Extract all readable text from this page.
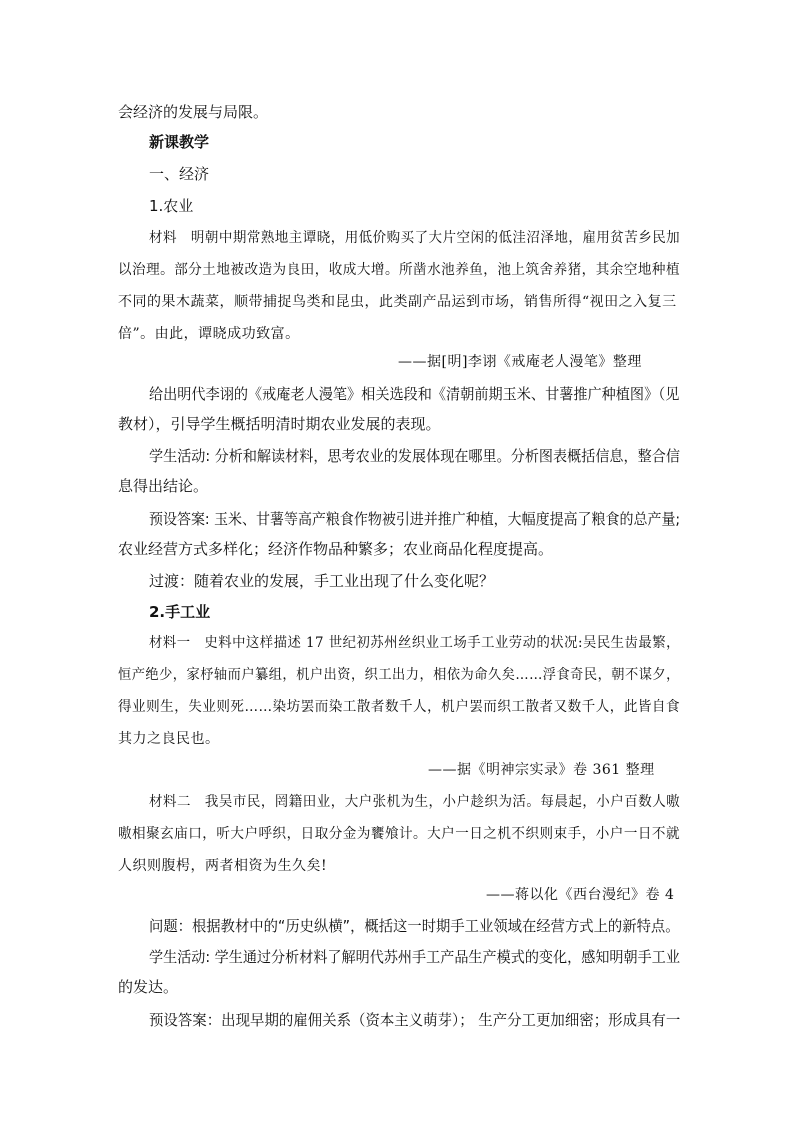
会经济的发展与局限。
新课教学
一、经济
1.农业
材料　明朝中期常熟地主谭晓，用低价购买了大片空闲的低洼沼泽地，雇用贫苦乡民加
以治理。部分土地被改造为良田，收成大增。所凿水池养鱼，池上筑舍养猪，其余空地种植
不同的果木蔬菜，顺带捕捉鸟类和昆虫，此类副产品运到市场，销售所得“视田之入复三
倍”。由此，谭晓成功致富。
——据[明]李诩《戒庵老人漫笔》整理
给出明代李诩的《戒庵老人漫笔》相关选段和《清朝前期玉米、甘薯推广种植图》（见
教材），引导学生概括明清时期农业发展的表现。
学生活动: 分析和解读材料，思考农业的发展体现在哪里。分析图表概括信息，整合信
息得出结论。
预设答案: 玉米、甘薯等高产粮食作物被引进并推广种植，大幅度提高了粮食的总产量;
农业经营方式多样化；经济作物品种繁多；农业商品化程度提高。
过渡：随着农业的发展，手工业出现了什么变化呢？
2.手工业
材料一　史料中这样描述 17 世纪初苏州丝织业工场手工业劳动的状况:吴民生齿最繁，
恒产绝少，家杼轴而户纂组，机户出资，织工出力，相依为命久矣……浮食奇民，朝不谋夕，
得业则生，失业则死……染坊罢而染工散者数千人，机户罢而织工散者又数千人，此皆自食
其力之良民也。
——据《明神宗实录》卷 361 整理
材料二　我吴市民，罔籍田业，大户张机为生，小户趁织为活。每晨起，小户百数人嗷
嗷相聚玄庙口，听大户呼织，日取分金为饔飧计。大户一日之机不织则束手，小户一日不就
人织则腹枵，两者相资为生久矣!
——蒋以化《西台漫纪》卷 4
问题：根据教材中的“历史纵横”，概括这一时期手工业领域在经营方式上的新特点。
学生活动: 学生通过分析材料了解明代苏州手工产品生产模式的变化，感知明朝手工业
的发达。
预设答案：出现早期的雇佣关系（资本主义萌芽）； 生产分工更加细密；形成具有一
